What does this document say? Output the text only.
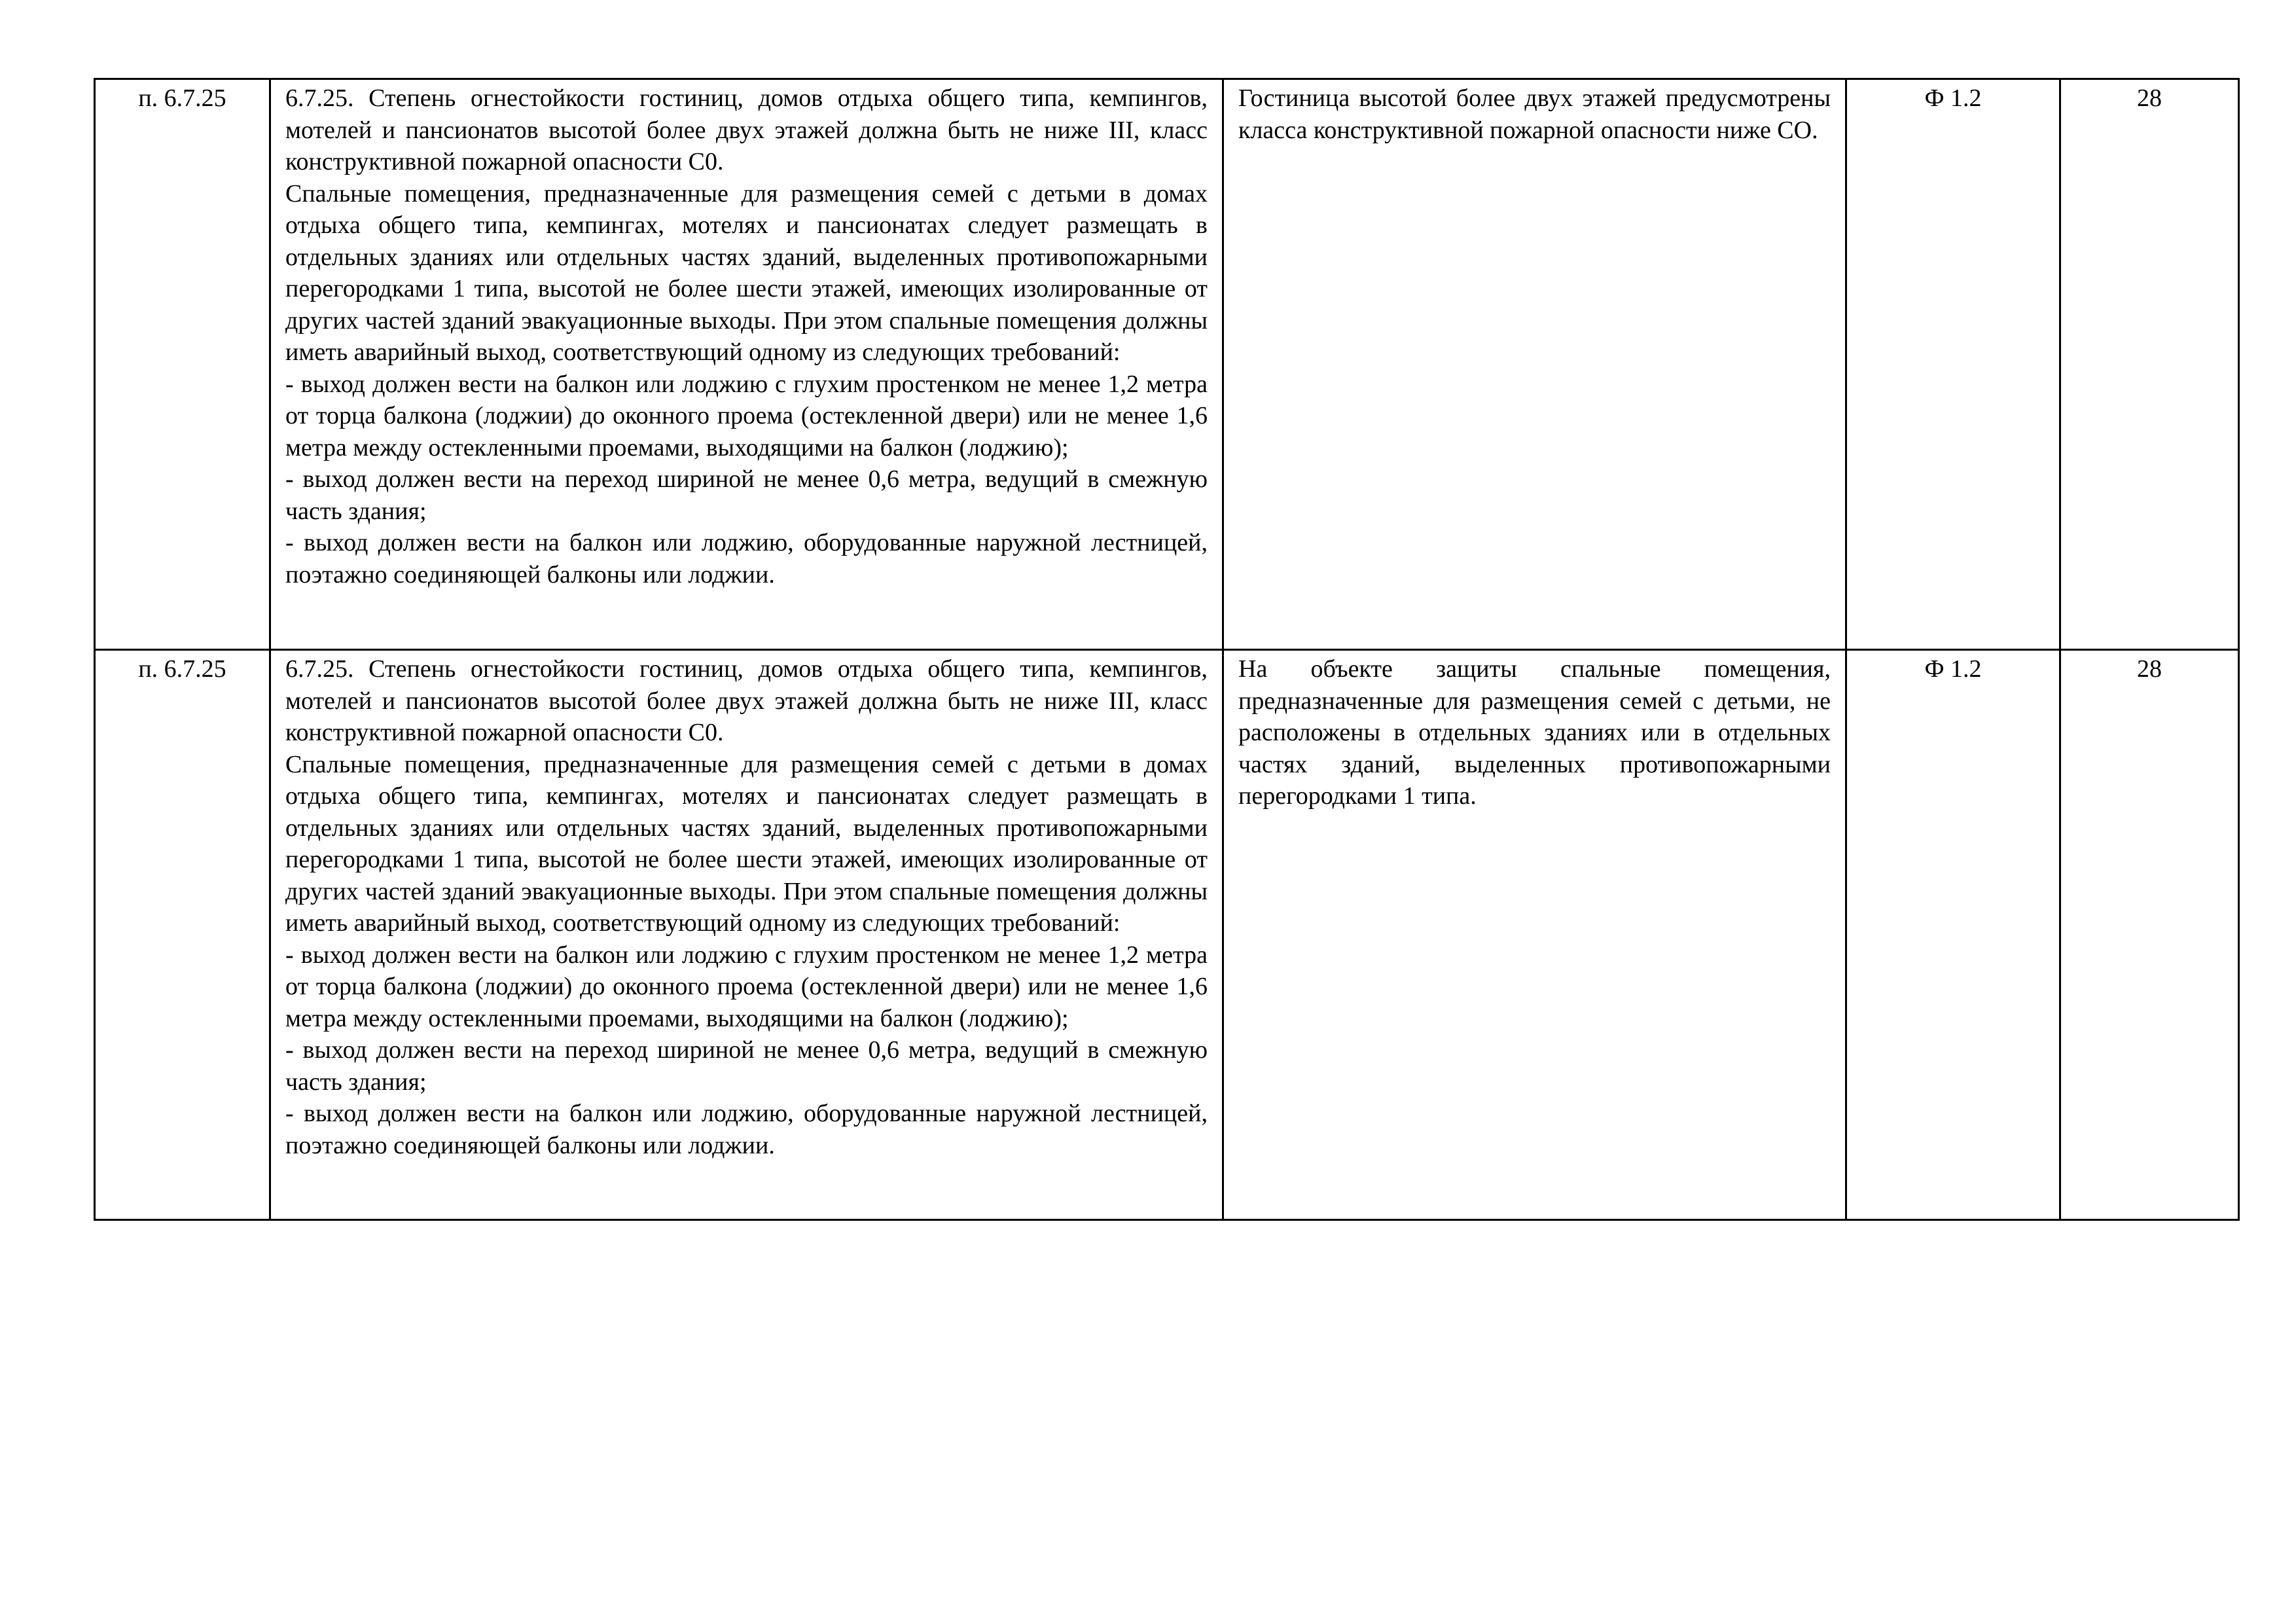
п. 6.7.25	6.7.25. Степень огнестойкости гостиниц, домов отдыха общего типа, кемпингов, мотелей и пансионатов высотой более двух этажей должна быть не ниже III, класс конструктивной пожарной опасности С0.
Спальные помещения, предназначенные для размещения семей с детьми в домах отдыха общего типа, кемпингах, мотелях и пансионатах следует размещать в отдельных зданиях или отдельных частях зданий, выделенных противопожарными перегородками 1 типа, высотой не более шести этажей, имеющих изолированные от других частей зданий эвакуационные выходы. При этом спальные помещения должны иметь аварийный выход, соответствующий одному из следующих требований:
- выход должен вести на балкон или лоджию с глухим простенком не менее 1,2 метра от торца балкона (лоджии) до оконного проема (остекленной двери) или не менее 1,6 метра между остекленными проемами, выходящими на балкон (лоджию);
- выход должен вести на переход шириной не менее 0,6 метра, ведущий в смежную часть здания;
- выход должен вести на балкон или лоджию, оборудованные наружной лестницей, поэтажно соединяющей балконы или лоджии.	Гостиница высотой более двух этажей предусмотрены класса конструктивной пожарной опасности ниже СО.	Ф 1.2	28
п. 6.7.25	6.7.25. Степень огнестойкости гостиниц, домов отдыха общего типа, кемпингов, мотелей и пансионатов высотой более двух этажей должна быть не ниже III, класс конструктивной пожарной опасности С0.
Спальные помещения, предназначенные для размещения семей с детьми в домах отдыха общего типа, кемпингах, мотелях и пансионатах следует размещать в отдельных зданиях или отдельных частях зданий, выделенных противопожарными перегородками 1 типа, высотой не более шести этажей, имеющих изолированные от других частей зданий эвакуационные выходы. При этом спальные помещения должны иметь аварийный выход, соответствующий одному из следующих требований:
- выход должен вести на балкон или лоджию с глухим простенком не менее 1,2 метра от торца балкона (лоджии) до оконного проема (остекленной двери) или не менее 1,6 метра между остекленными проемами, выходящими на балкон (лоджию);
- выход должен вести на переход шириной не менее 0,6 метра, ведущий в смежную часть здания;
- выход должен вести на балкон или лоджию, оборудованные наружной лестницей, поэтажно соединяющей балконы или лоджии.	На объекте защиты спальные помещения, предназначенные для размещения семей с детьми, не расположены в отдельных зданиях или в отдельных частях зданий, выделенных противопожарными перегородками 1 типа.	Ф 1.2	28
